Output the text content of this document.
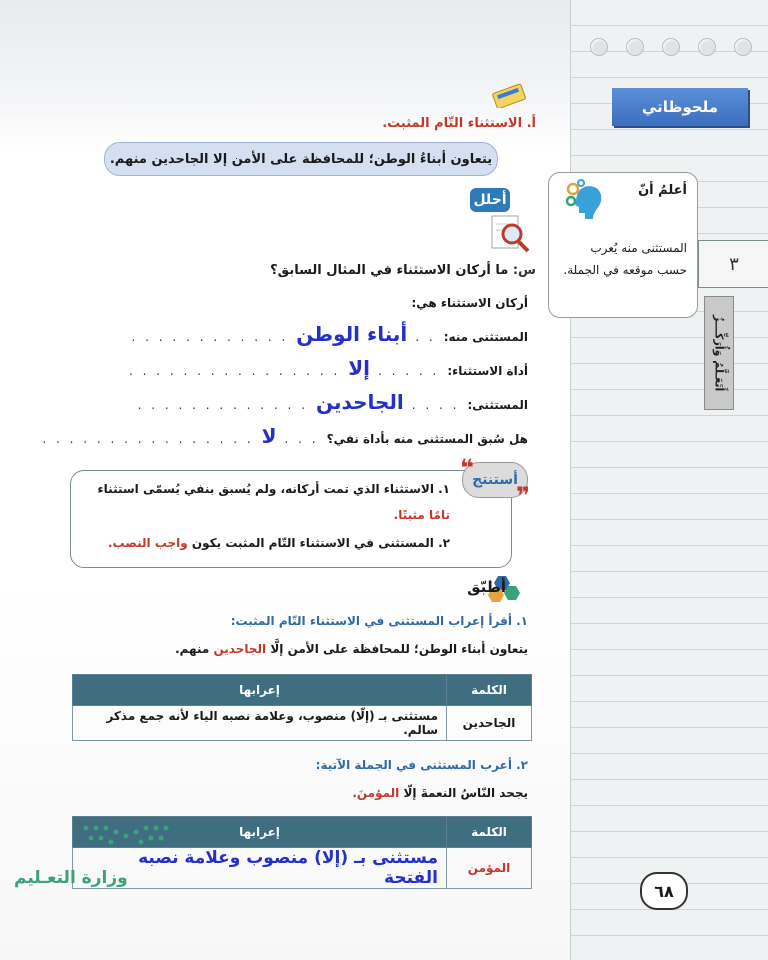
ملحوظاتي
٣
أَتَعَـلَّمُ وَأُرَكِّـــزُ
أعلمُ أنّ
المستثنى منه يُعرب حسب موقعه في الجملة.
أ. الاستثناء التّام المثبت.
يتعاون أبناءُ الوطن؛ للمحافظة على الأمن إلا الجاحدين منهم.
أحلل
س: ما أركان الاستثناء في المثال السابق؟
أركان الاستثناء هي:
المستثنى منه:
. .
أبناء الوطن
. . . . . . . . . . . .
أداة الاستثناء:
. . . . .
إلا
. . . . . . . . . . . . . . . .
المستثنى:
. . . .
الجاحدين
. . . . . . . . . . . . .
هل سُبق المستثنى منه بأداة نفي؟
. . .
لا
. . . . . . . . . . . . . . . .
أستنتج
❝
❞
١. الاستثناء الذي تمت أركانه، ولم يُسبق بنفي يُسمّى استثناء
تامًا مثبتًا.
٢. المستثنى في الاستثناء التّام المثبت يكون واجب النصب.
أطبّق
١. أقرأ إعراب المستثنى في الاستثناء التّام المثبت:
يتعاون أبناء الوطن؛ للمحافظة على الأمن إلَّا الجاحدين منهم.
الكلمة	إعرابها
الجاحدين	مستثنى بـ (إلّا) منصوب، وعلامة نصبه الياء لأنه جمع مذكر سالم.
٢. أعرب المستثنى في الجملة الآتية:
يجحد النّاسُ النعمةَ إلّا المؤمنَ.
الكلمة	إعرابها
المؤمن	مستثنى بـ (إلا) منصوب وعلامة نصبه الفتحة
وزارة التعـليم
٦٨
